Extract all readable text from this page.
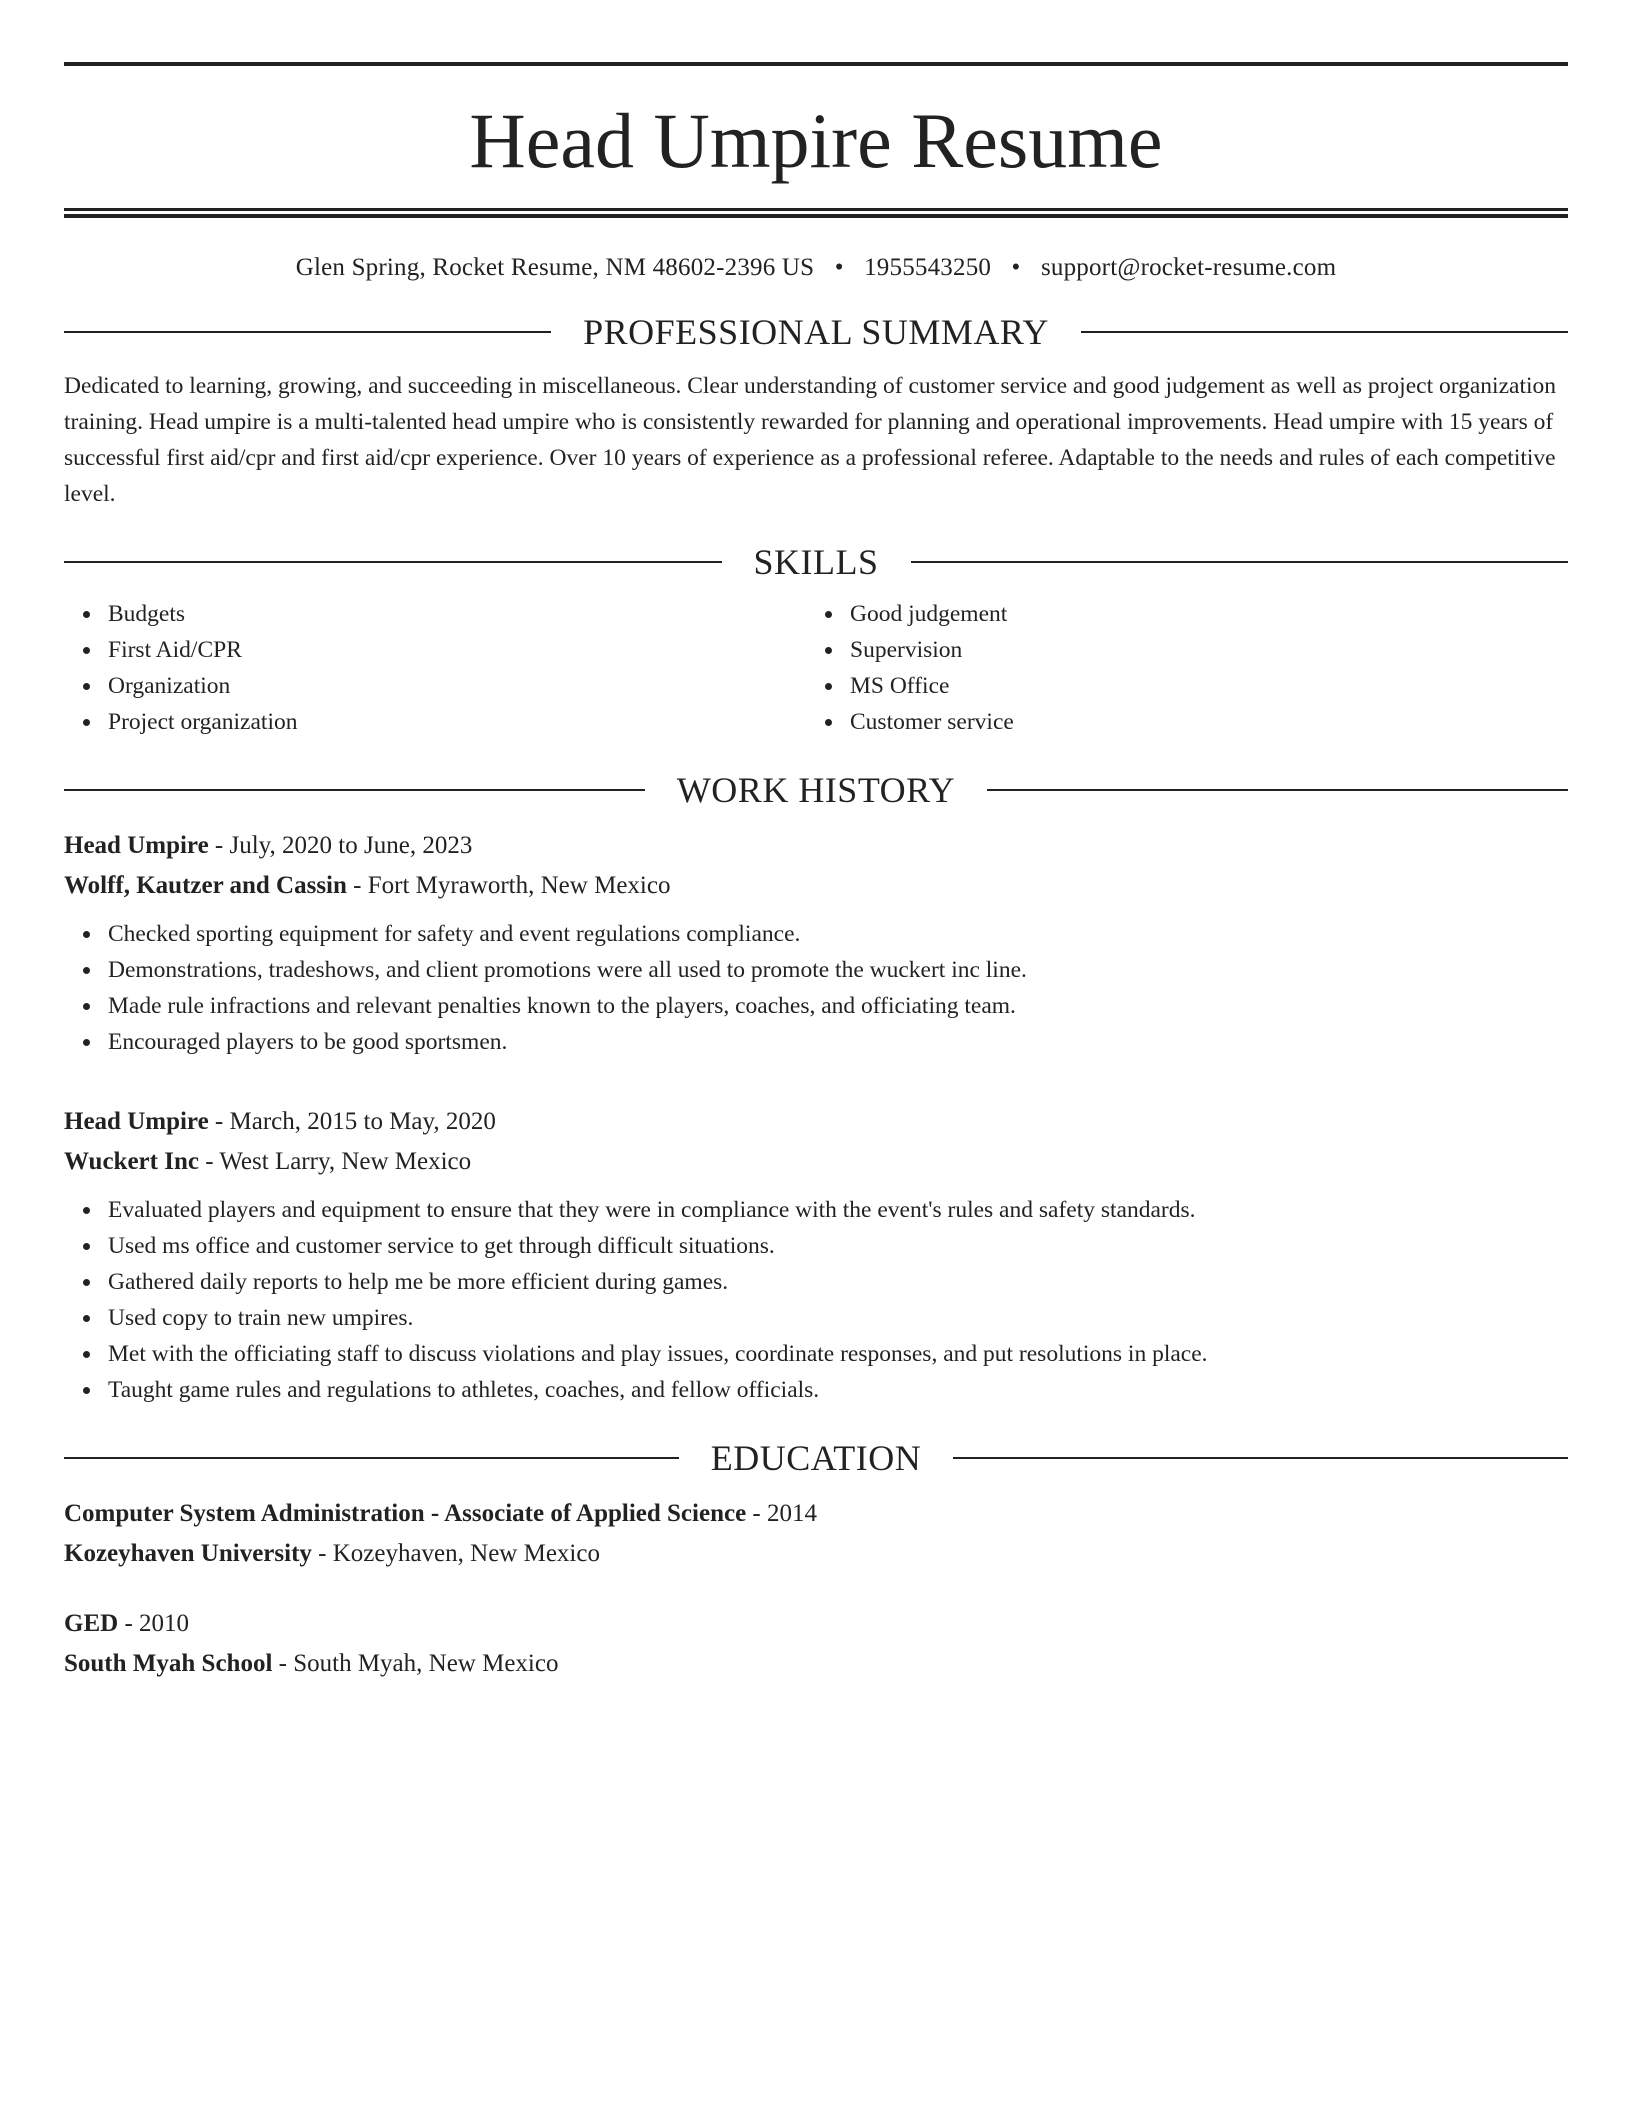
Head Umpire Resume
Glen Spring, Rocket Resume, NM 48602-2396 US • 1955543250 • support@rocket-resume.com
PROFESSIONAL SUMMARY

Dedicated to learning, growing, and succeeding in miscellaneous. Clear understanding of customer service and good judgement as well as project organization training. Head umpire is a multi-talented head umpire who is consistently rewarded for planning and operational improvements. Head umpire with 15 years of successful first aid/cpr and first aid/cpr experience. Over 10 years of experience as a professional referee. Adaptable to the needs and rules of each competitive level.

SKILLS
Budgets
First Aid/CPR
Organization
Project organization
Good judgement
Supervision
MS Office
Customer service
WORK HISTORY
Head Umpire - July, 2020 to June, 2023
Wolff, Kautzer and Cassin - Fort Myraworth, New Mexico
Checked sporting equipment for safety and event regulations compliance.
Demonstrations, tradeshows, and client promotions were all used to promote the wuckert inc line.
Made rule infractions and relevant penalties known to the players, coaches, and officiating team.
Encouraged players to be good sportsmen.
Head Umpire - March, 2015 to May, 2020
Wuckert Inc - West Larry, New Mexico
Evaluated players and equipment to ensure that they were in compliance with the event's rules and safety standards.
Used ms office and customer service to get through difficult situations.
Gathered daily reports to help me be more efficient during games.
Used copy to train new umpires.
Met with the officiating staff to discuss violations and play issues, coordinate responses, and put resolutions in place.
Taught game rules and regulations to athletes, coaches, and fellow officials.
EDUCATION
Computer System Administration - Associate of Applied Science - 2014
Kozeyhaven University - Kozeyhaven, New Mexico
GED - 2010
South Myah School - South Myah, New Mexico
